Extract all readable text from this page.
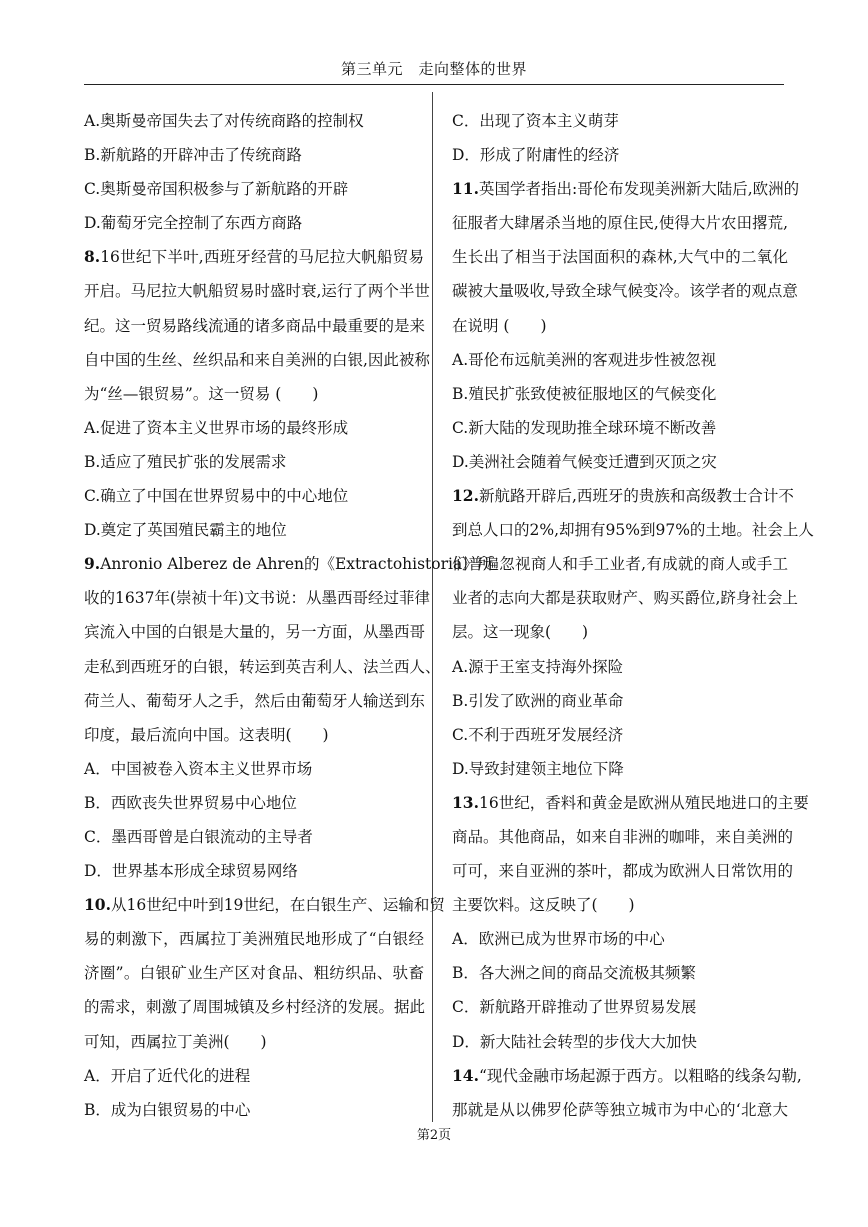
第三单元　走向整体的世界
A.奥斯曼帝国失去了对传统商路的控制权
B.新航路的开辟冲击了传统商路
C.奥斯曼帝国积极参与了新航路的开辟
D.葡萄牙完全控制了东西方商路
8.16世纪下半叶,西班牙经营的马尼拉大帆船贸易
开启。马尼拉大帆船贸易时盛时衰,运行了两个半世
纪。这一贸易路线流通的诸多商品中最重要的是来
自中国的生丝、丝织品和来自美洲的白银,因此被称
为“丝—银贸易”。这一贸易 (　　)
A.促进了资本主义世界市场的最终形成
B.适应了殖民扩张的发展需求
C.确立了中国在世界贸易中的中心地位
D.奠定了英国殖民霸主的地位
9.Anronio Alberez de Ahren的《Extractohistoria》所
收的1637年(崇祯十年)文书说：从墨西哥经过菲律
宾流入中国的白银是大量的，另一方面，从墨西哥
走私到西班牙的白银，转运到英吉利人、法兰西人、
荷兰人、葡萄牙人之手，然后由葡萄牙人输送到东
印度，最后流向中国。这表明(　　)
A．中国被卷入资本主义世界市场
B．西欧丧失世界贸易中心地位
C．墨西哥曾是白银流动的主导者
D．世界基本形成全球贸易网络
10.从16世纪中叶到19世纪，在白银生产、运输和贸
易的刺激下，西属拉丁美洲殖民地形成了“白银经
济圈”。白银矿业生产区对食品、粗纺织品、驮畜
的需求，刺激了周围城镇及乡村经济的发展。据此
可知，西属拉丁美洲(　　)
A．开启了近代化的进程
B．成为白银贸易的中心
C．出现了资本主义萌芽
D．形成了附庸性的经济
11.英国学者指出:哥伦布发现美洲新大陆后,欧洲的
征服者大肆屠杀当地的原住民,使得大片农田撂荒,
生长出了相当于法国面积的森林,大气中的二氧化
碳被大量吸收,导致全球气候变冷。该学者的观点意
在说明 (　　)
A.哥伦布远航美洲的客观进步性被忽视
B.殖民扩张致使被征服地区的气候变化
C.新大陆的发现助推全球环境不断改善
D.美洲社会随着气候变迁遭到灭顶之灾
12.新航路开辟后,西班牙的贵族和高级教士合计不
到总人口的2%,却拥有95%到97%的土地。社会上人
们普遍忽视商人和手工业者,有成就的商人或手工
业者的志向大都是获取财产、购买爵位,跻身社会上
层。这一现象(　　)
A.源于王室支持海外探险
B.引发了欧洲的商业革命
C.不利于西班牙发展经济
D.导致封建领主地位下降
13.16世纪，香料和黄金是欧洲从殖民地进口的主要
商品。其他商品，如来自非洲的咖啡，来自美洲的
可可，来自亚洲的茶叶，都成为欧洲人日常饮用的
主要饮料。这反映了(　　)
A．欧洲已成为世界市场的中心
B．各大洲之间的商品交流极其频繁
C．新航路开辟推动了世界贸易发展
D．新大陆社会转型的步伐大大加快
14.“现代金融市场起源于西方。以粗略的线条勾勒,
那就是从以佛罗伦萨等独立城市为中心的‘北意大
第2页
